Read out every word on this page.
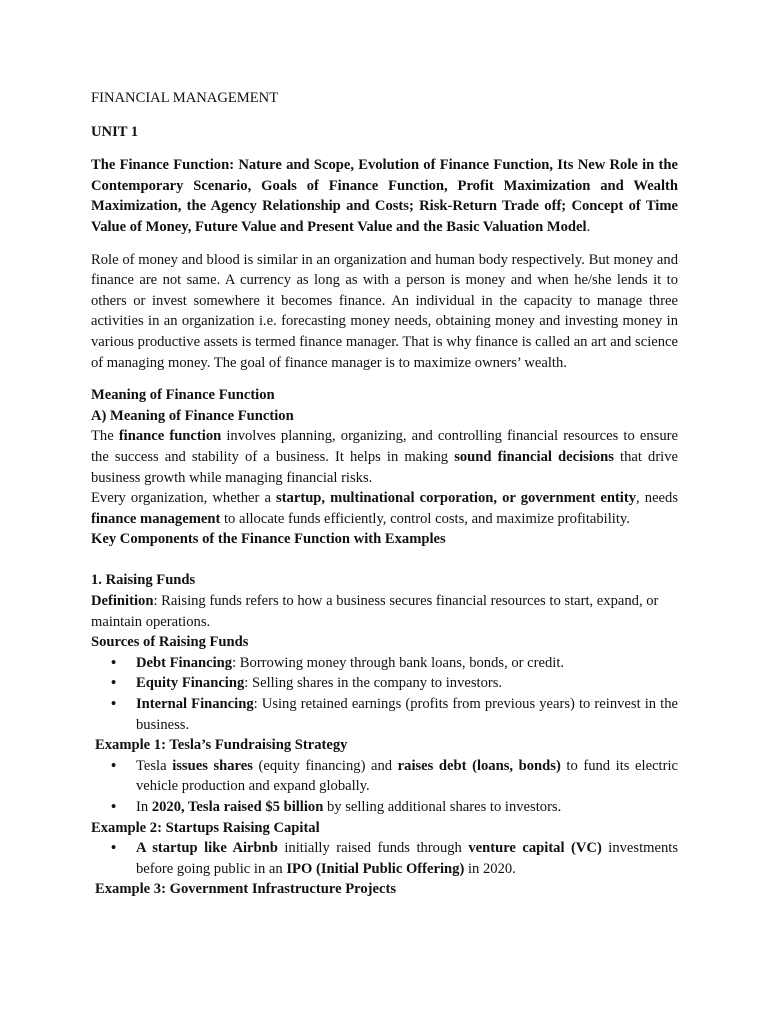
FINANCIAL MANAGEMENT

UNIT 1

The Finance Function: Nature and Scope, Evolution of Finance Function, Its New Role in the Contemporary Scenario, Goals of Finance Function, Profit Maximization and Wealth Maximization, the Agency Relationship and Costs; Risk-Return Trade off; Concept of Time Value of Money, Future Value and Present Value and the Basic Valuation Model.

Role of money and blood is similar in an organization and human body respectively. But money and finance are not same. A currency as long as with a person is money and when he/she lends it to others or invest somewhere it becomes finance. An individual in the capacity to manage three activities in an organization i.e. forecasting money needs, obtaining money and investing money in various productive assets is termed finance manager. That is why finance is called an art and science of managing money. The goal of finance manager is to maximize owners’ wealth.

Meaning of Finance Function

A) Meaning of Finance Function

The finance function involves planning, organizing, and controlling financial resources to ensure the success and stability of a business. It helps in making sound financial decisions that drive business growth while managing financial risks.

Every organization, whether a startup, multinational corporation, or government entity, needs finance management to allocate funds efficiently, control costs, and maximize profitability.

Key Components of the Finance Function with Examples

1. Raising Funds

Definition: Raising funds refers to how a business secures financial resources to start, expand, or maintain operations.

Sources of Raising Funds

• Debt Financing: Borrowing money through bank loans, bonds, or credit.
• Equity Financing: Selling shares in the company to investors.
• Internal Financing: Using retained earnings (profits from previous years) to reinvest in the business.

Example 1: Tesla’s Fundraising Strategy

• Tesla issues shares (equity financing) and raises debt (loans, bonds) to fund its electric vehicle production and expand globally.
• In 2020, Tesla raised $5 billion by selling additional shares to investors.

Example 2: Startups Raising Capital

• A startup like Airbnb initially raised funds through venture capital (VC) investments before going public in an IPO (Initial Public Offering) in 2020.

Example 3: Government Infrastructure Projects
